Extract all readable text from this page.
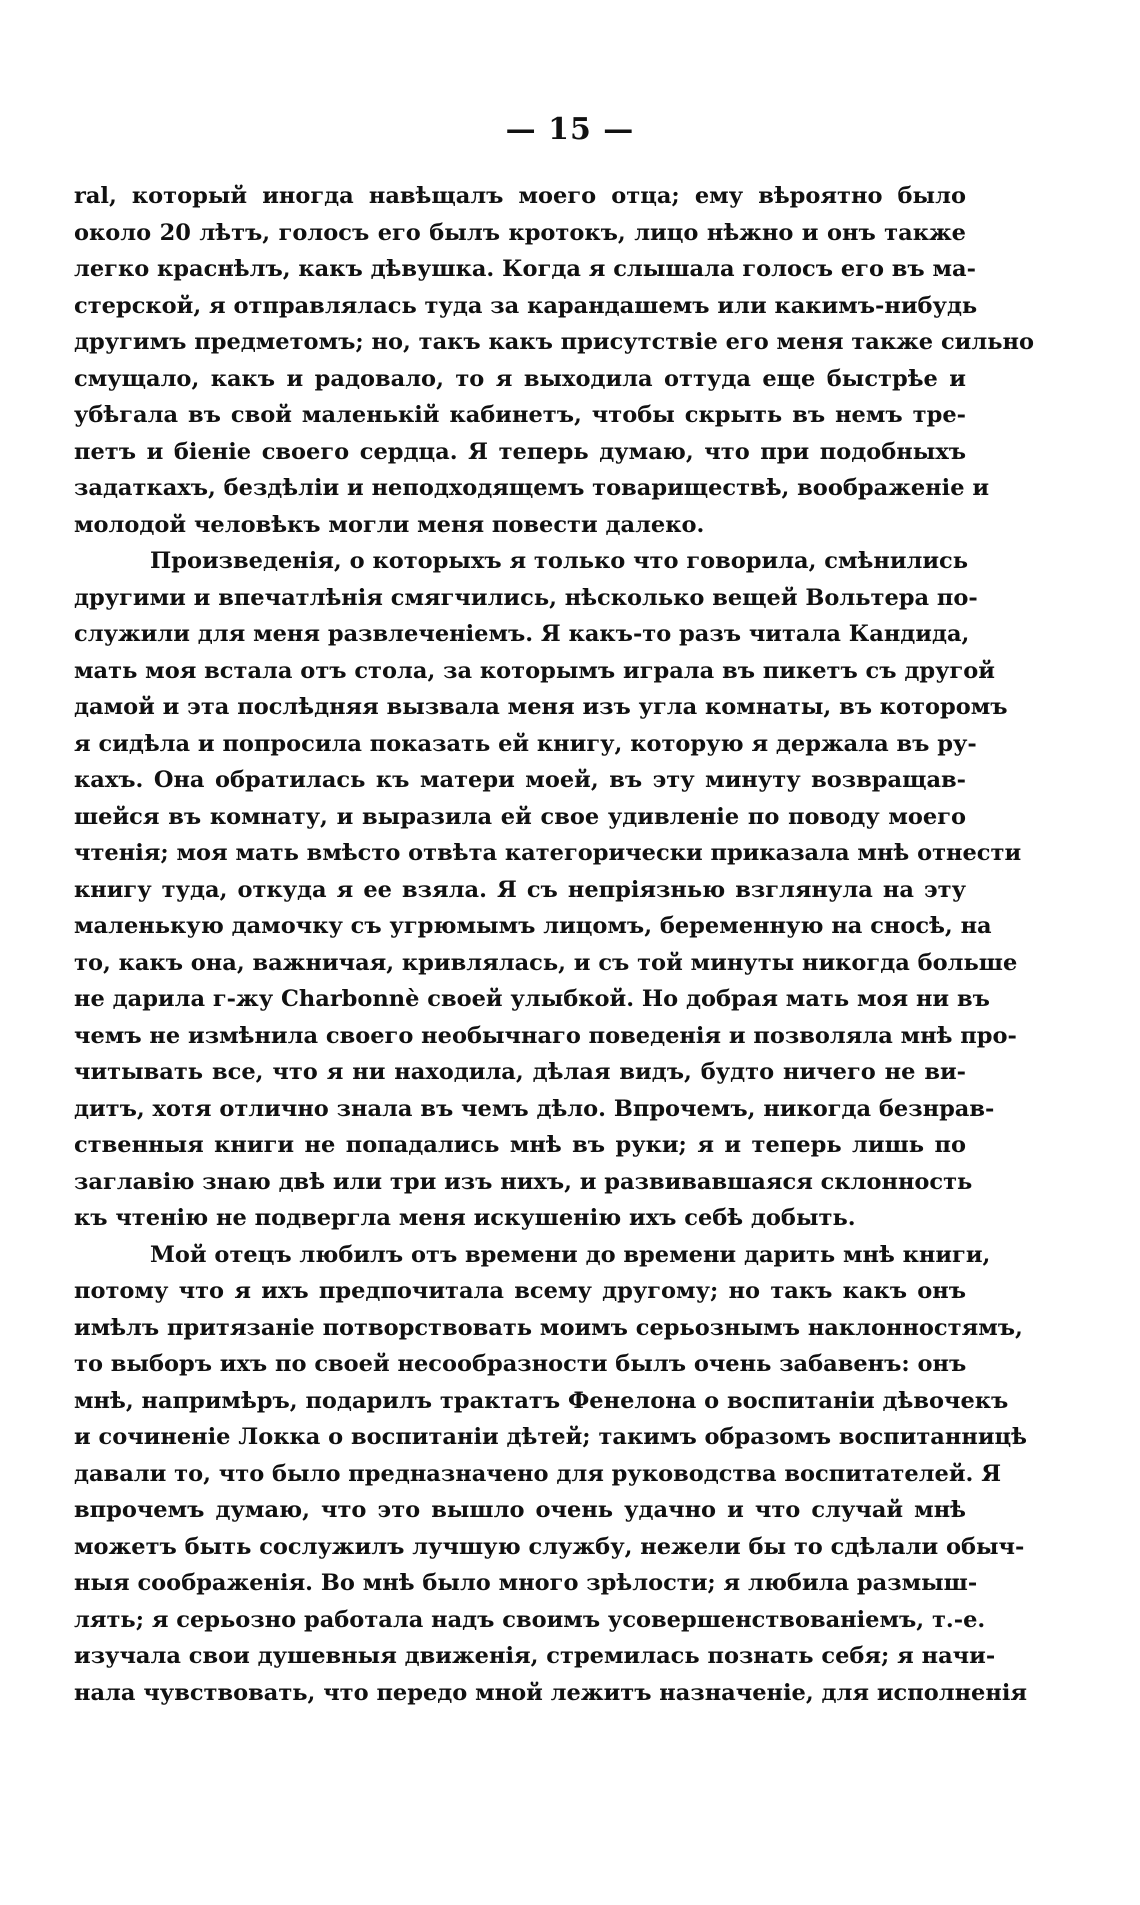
— 15 —
ral, который иногда навѣщалъ моего отца; ему вѣроятно было
около 20 лѣтъ, голосъ его былъ кротокъ, лицо нѣжно и онъ также
легко краснѣлъ, какъ дѣвушка. Когда я слышала голосъ его въ ма-
стерской, я отправлялась туда за карандашемъ или какимъ-нибудь
другимъ предметомъ; но, такъ какъ присутствіе его меня также сильно
смущало, какъ и радовало, то я выходила оттуда еще быстрѣе и
убѣгала въ свой маленькій кабинетъ, чтобы скрыть въ немъ тре-
петъ и біеніе своего сердца. Я теперь думаю, что при подобныхъ
задаткахъ, бездѣліи и неподходящемъ товариществѣ, воображеніе и
молодой человѣкъ могли меня повести далеко.
Произведенія, о которыхъ я только что говорила, смѣнились
другими и впечатлѣнія смягчились, нѣсколько вещей Вольтера по-
служили для меня развлеченіемъ. Я какъ-то разъ читала Кандида,
мать моя встала отъ стола, за которымъ играла въ пикетъ съ другой
дамой и эта послѣдняя вызвала меня изъ угла комнаты, въ которомъ
я сидѣла и попросила показать ей книгу, которую я держала въ ру-
кахъ. Она обратилась къ матери моей, въ эту минуту возвращав-
шейся въ комнату, и выразила ей свое удивленіе по поводу моего
чтенія; моя мать вмѣсто отвѣта категорически приказала мнѣ отнести
книгу туда, откуда я ее взяла. Я съ непріязнью взглянула на эту
маленькую дамочку съ угрюмымъ лицомъ, беременную на сносѣ, на
то, какъ она, важничая, кривлялась, и съ той минуты никогда больше
не дарила г-жу Charbonnè своей улыбкой. Но добрая мать моя ни въ
чемъ не измѣнила своего необычнаго поведенія и позволяла мнѣ про-
читывать все, что я ни находила, дѣлая видъ, будто ничего не ви-
дитъ, хотя отлично знала въ чемъ дѣло. Впрочемъ, никогда безнрав-
ственныя книги не попадались мнѣ въ руки; я и теперь лишь по
заглавію знаю двѣ или три изъ нихъ, и развивавшаяся склонность
къ чтенію не подвергла меня искушенію ихъ себѣ добыть.
Мой отецъ любилъ отъ времени до времени дарить мнѣ книги,
потому что я ихъ предпочитала всему другому; но такъ какъ онъ
имѣлъ притязаніе потворствовать моимъ серьознымъ наклонностямъ,
то выборъ ихъ по своей несообразности былъ очень забавенъ: онъ
мнѣ, напримѣръ, подарилъ трактатъ Фенелона о воспитаніи дѣвочекъ
и сочиненіе Локка о воспитаніи дѣтей; такимъ образомъ воспитанницѣ
давали то, что было предназначено для руководства воспитателей. Я
впрочемъ думаю, что это вышло очень удачно и что случай мнѣ
можетъ быть сослужилъ лучшую службу, нежели бы то сдѣлали обыч-
ныя соображенія. Во мнѣ было много зрѣлости; я любила размыш-
лять; я серьозно работала надъ своимъ усовершенствованіемъ, т.-е.
изучала свои душевныя движенія, стремилась познать себя; я начи-
нала чувствовать, что передо мной лежитъ назначеніе, для исполненія
